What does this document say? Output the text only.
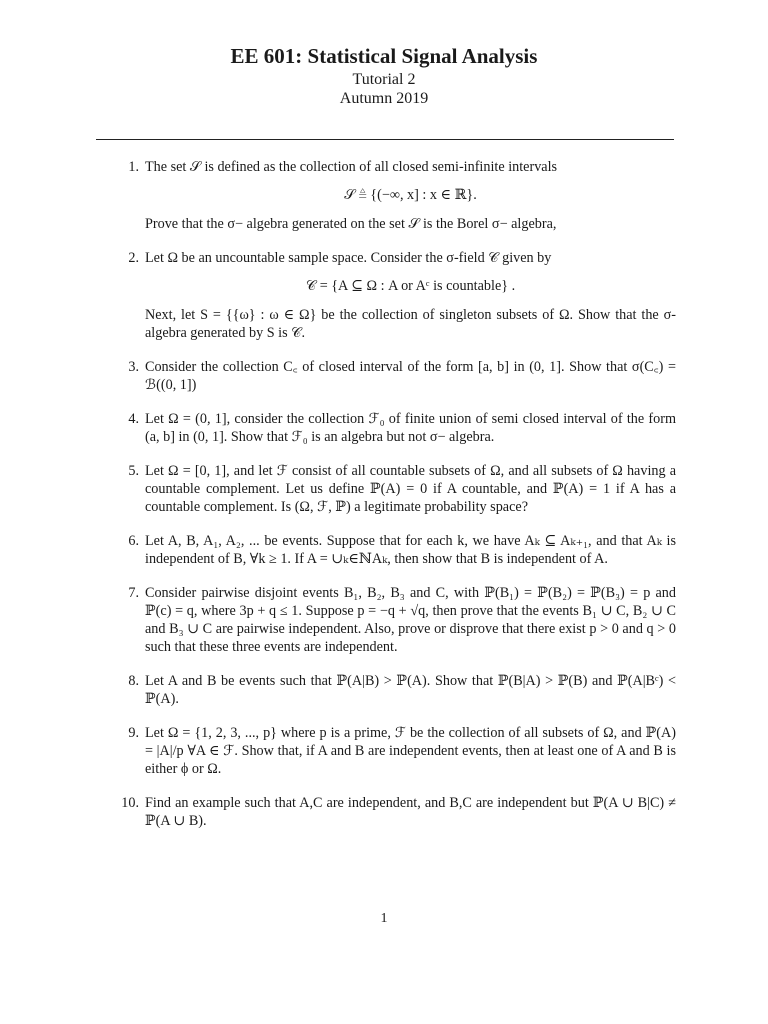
EE 601: Statistical Signal Analysis
Tutorial 2
Autumn 2019
1. The set 𝒮 is defined as the collection of all closed semi-infinite intervals
𝒮 ≜ {(−∞, x] : x ∈ ℝ}.
Prove that the σ− algebra generated on the set 𝒮 is the Borel σ− algebra,
2. Let Ω be an uncountable sample space. Consider the σ-field 𝒞 given by
𝒞 = {A ⊆ Ω : A or Aᶜ is countable} .
Next, let S = {{ω} : ω ∈ Ω} be the collection of singleton subsets of Ω. Show that the σ-algebra generated by S is 𝒞.
3. Consider the collection C꜀ of closed interval of the form [a, b] in (0, 1]. Show that σ(C꜀) = ℬ((0, 1])
4. Let Ω = (0, 1], consider the collection ℱ₀ of finite union of semi closed interval of the form (a, b] in (0, 1]. Show that ℱ₀ is an algebra but not σ− algebra.
5. Let Ω = [0, 1], and let ℱ consist of all countable subsets of Ω, and all subsets of Ω having a countable complement. Let us define ℙ(A) = 0 if A countable, and ℙ(A) = 1 if A has a countable complement. Is (Ω, ℱ, ℙ) a legitimate probability space?
6. Let A, B, A₁, A₂, ... be events. Suppose that for each k, we have Aₖ ⊆ Aₖ₊₁, and that Aₖ is independent of B, ∀k ≥ 1. If A = ∪ₖ∈ℕAₖ, then show that B is independent of A.
7. Consider pairwise disjoint events B₁, B₂, B₃ and C, with ℙ(B₁) = ℙ(B₂) = ℙ(B₃) = p and ℙ(c) = q, where 3p + q ≤ 1. Suppose p = −q + √q, then prove that the events B₁ ∪ C, B₂ ∪ C and B₃ ∪ C are pairwise independent. Also, prove or disprove that there exist p > 0 and q > 0 such that these three events are independent.
8. Let A and B be events such that ℙ(A|B) > ℙ(A). Show that ℙ(B|A) > ℙ(B) and ℙ(A|Bᶜ) < ℙ(A).
9. Let Ω = {1, 2, 3, ..., p} where p is a prime, ℱ be the collection of all subsets of Ω, and ℙ(A) = |A|/p ∀A ∈ ℱ. Show that, if A and B are independent events, then at least one of A and B is either ϕ or Ω.
10. Find an example such that A,C are independent, and B,C are independent but ℙ(A ∪ B|C) ≠ ℙ(A ∪ B).
1
